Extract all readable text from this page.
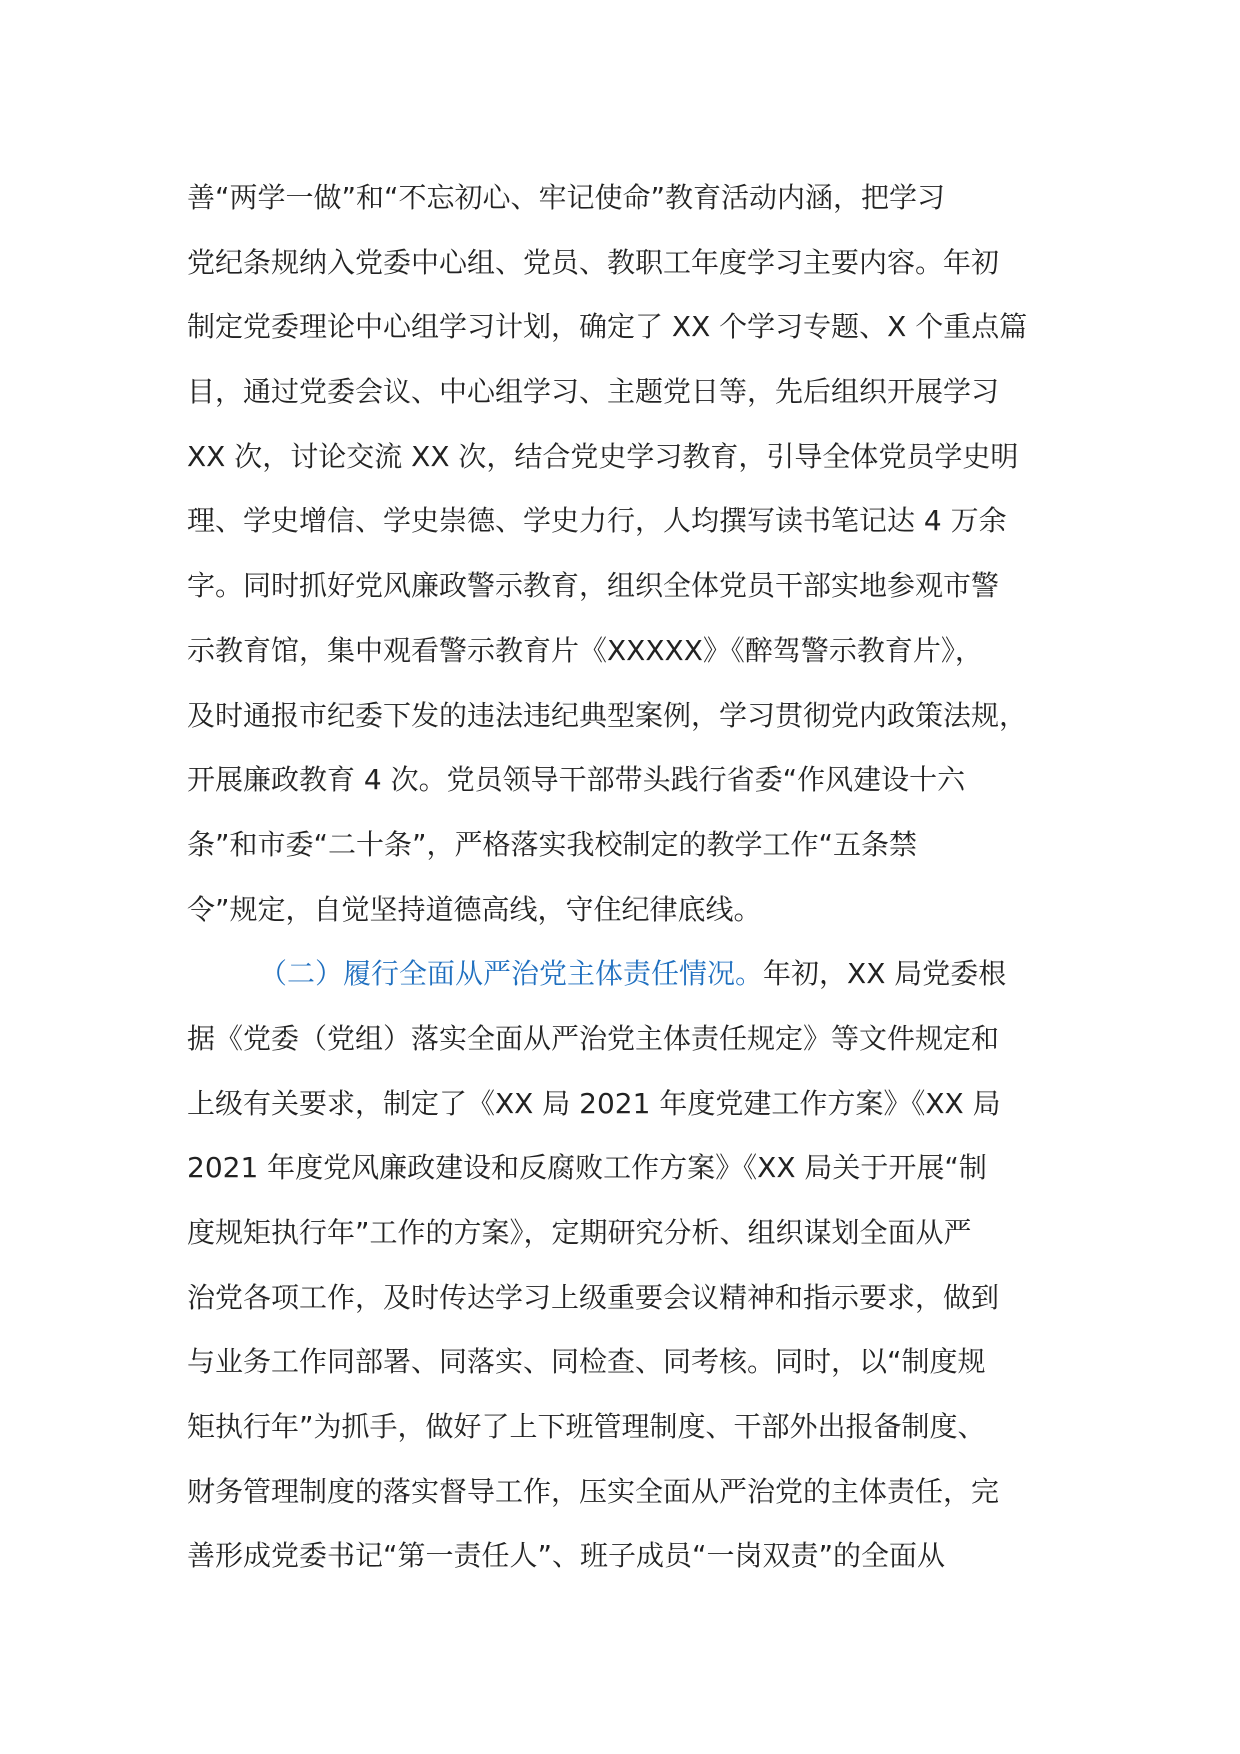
善“两学一做”和“不忘初心、牢记使命”教育活动内涵，把学习
党纪条规纳入党委中心组、党员、教职工年度学习主要内容。年初
制定党委理论中心组学习计划，确定了 XX 个学习专题、X 个重点篇
目，通过党委会议、中心组学习、主题党日等，先后组织开展学习
XX 次，讨论交流 XX 次，结合党史学习教育，引导全体党员学史明
理、学史增信、学史崇德、学史力行，人均撰写读书笔记达 4 万余
字。同时抓好党风廉政警示教育，组织全体党员干部实地参观市警
示教育馆，集中观看警示教育片《XXXXX》《醉驾警示教育片》，
及时通报市纪委下发的违法违纪典型案例，学习贯彻党内政策法规，
开展廉政教育 4 次。党员领导干部带头践行省委“作风建设十六
条”和市委“二十条”，严格落实我校制定的教学工作“五条禁
令”规定，自觉坚持道德高线，守住纪律底线。
（二）履行全面从严治党主体责任情况。年初，XX 局党委根
据《党委（党组）落实全面从严治党主体责任规定》等文件规定和
上级有关要求，制定了《XX 局 2021 年度党建工作方案》《XX 局
2021 年度党风廉政建设和反腐败工作方案》《XX 局关于开展“制
度规矩执行年”工作的方案》，定期研究分析、组织谋划全面从严
治党各项工作，及时传达学习上级重要会议精神和指示要求，做到
与业务工作同部署、同落实、同检查、同考核。同时，以“制度规
矩执行年”为抓手，做好了上下班管理制度、干部外出报备制度、
财务管理制度的落实督导工作，压实全面从严治党的主体责任，完
善形成党委书记“第一责任人”、班子成员“一岗双责”的全面从
